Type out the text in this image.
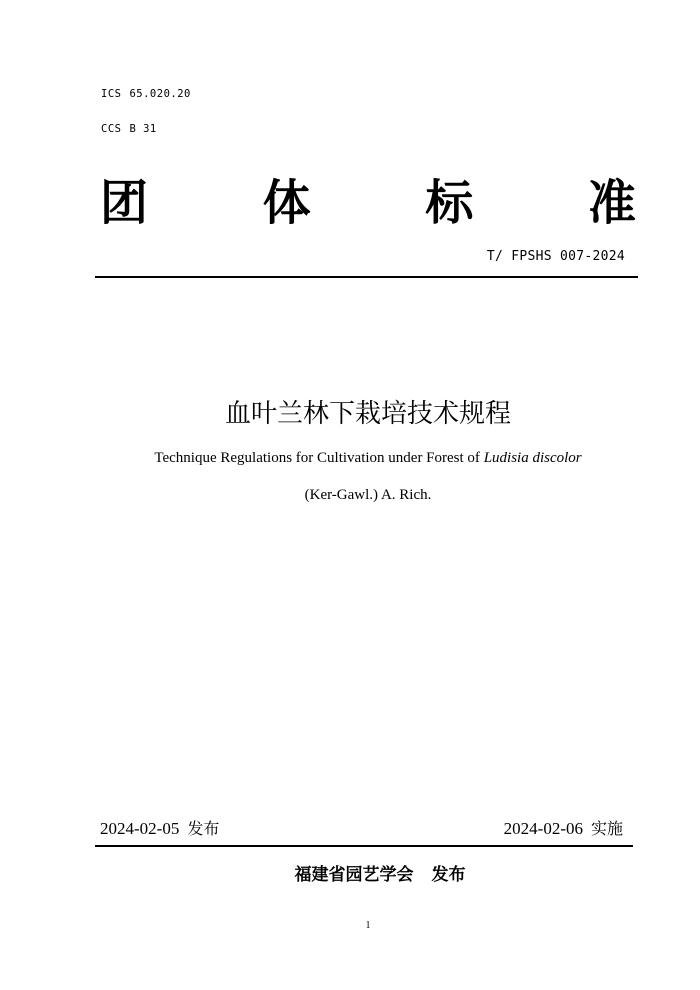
ICS 65.020.20
CCS B 31
团 体 标 准
T/ FPSHS 007-2024
血叶兰林下栽培技术规程
Technique Regulations for Cultivation under Forest of Ludisia discolor
(Ker-Gawl.) A. Rich.
2024-02-05 发布	2024-02-06 实施
福建省园艺学会 发布
1
